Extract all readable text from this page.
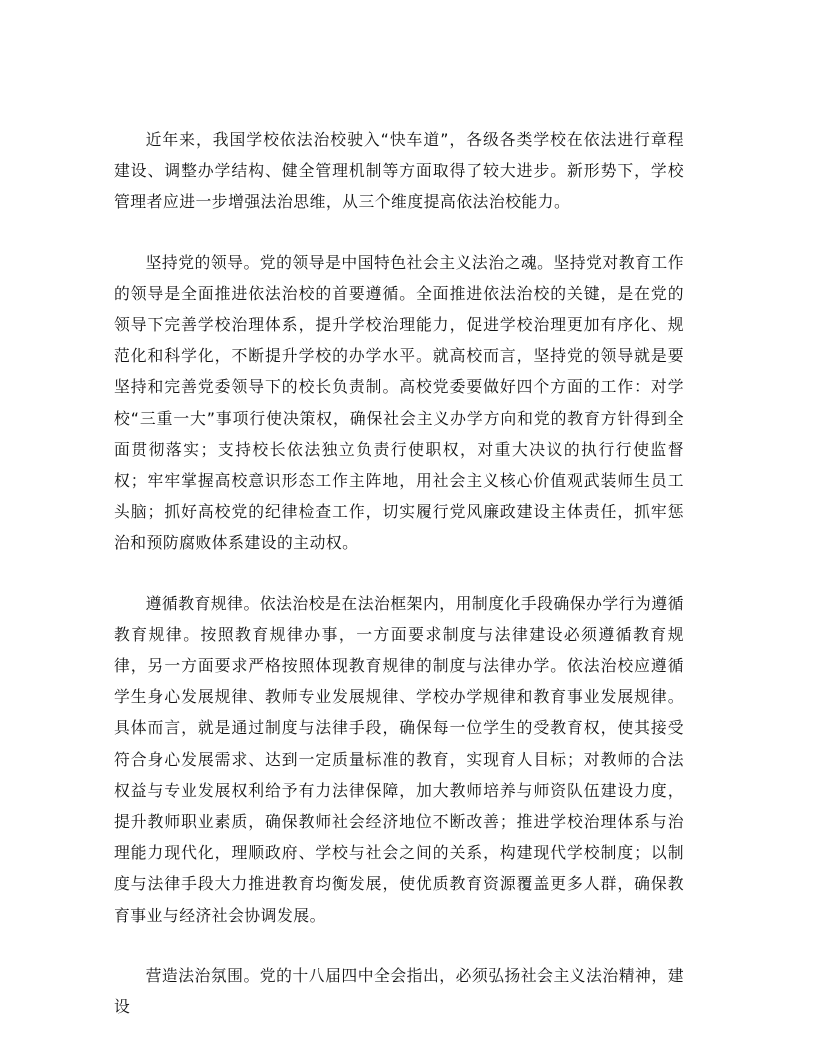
近年来，我国学校依法治校驶入“快车道”，各级各类学校在依法进行章程建设、调整办学结构、健全管理机制等方面取得了较大进步。新形势下，学校管理者应进一步增强法治思维，从三个维度提高依法治校能力。

坚持党的领导。党的领导是中国特色社会主义法治之魂。坚持党对教育工作的领导是全面推进依法治校的首要遵循。全面推进依法治校的关键，是在党的领导下完善学校治理体系，提升学校治理能力，促进学校治理更加有序化、规范化和科学化，不断提升学校的办学水平。就高校而言，坚持党的领导就是要坚持和完善党委领导下的校长负责制。高校党委要做好四个方面的工作：对学校“三重一大”事项行使决策权，确保社会主义办学方向和党的教育方针得到全面贯彻落实；支持校长依法独立负责行使职权，对重大决议的执行行使监督权；牢牢掌握高校意识形态工作主阵地，用社会主义核心价值观武装师生员工头脑；抓好高校党的纪律检查工作，切实履行党风廉政建设主体责任，抓牢惩治和预防腐败体系建设的主动权。

遵循教育规律。依法治校是在法治框架内，用制度化手段确保办学行为遵循教育规律。按照教育规律办事，一方面要求制度与法律建设必须遵循教育规律，另一方面要求严格按照体现教育规律的制度与法律办学。依法治校应遵循学生身心发展规律、教师专业发展规律、学校办学规律和教育事业发展规律。具体而言，就是通过制度与法律手段，确保每一位学生的受教育权，使其接受符合身心发展需求、达到一定质量标准的教育，实现育人目标；对教师的合法权益与专业发展权利给予有力法律保障，加大教师培养与师资队伍建设力度，提升教师职业素质，确保教师社会经济地位不断改善；推进学校治理体系与治理能力现代化，理顺政府、学校与社会之间的关系，构建现代学校制度；以制度与法律手段大力推进教育均衡发展，使优质教育资源覆盖更多人群，确保教育事业与经济社会协调发展。

营造法治氛围。党的十八届四中全会指出，必须弘扬社会主义法治精神，建设
